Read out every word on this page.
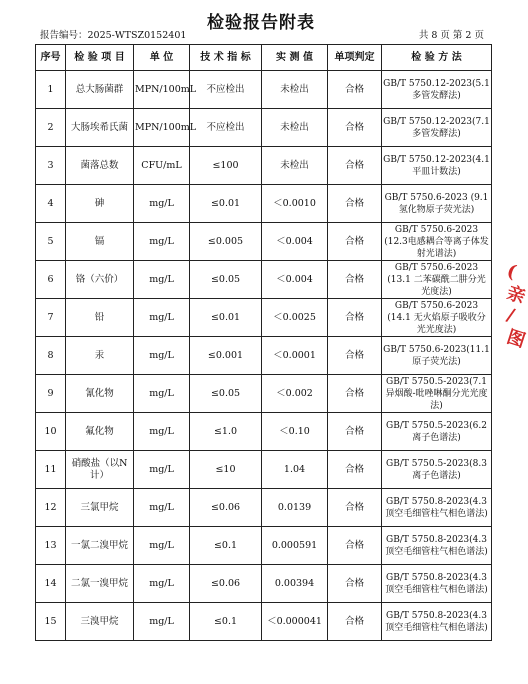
检验报告附表
报告编号：2025-WTSZ0152401	共 8 页 第 2 页
序号	检 验 项 目	单 位	技 术 指 标	实 测 值	单项判定	检 验 方 法
1	总大肠菌群	MPN/100mL	不应检出	未检出	合格	GB/T 5750.12-2023(5.1多管发酵法)
2	大肠埃希氏菌	MPN/100mL	不应检出	未检出	合格	GB/T 5750.12-2023(7.1多管发酵法)
3	菌落总数	CFU/mL	≤100	未检出	合格	GB/T 5750.12-2023(4.1平皿计数法)
4	砷	mg/L	≤0.01	＜0.0010	合格	GB/T 5750.6-2023 (9.1氢化物原子荧光法)
5	镉	mg/L	≤0.005	＜0.004	合格	GB/T 5750.6-2023 (12.3电感耦合等离子体发射光谱法)
6	铬（六价）	mg/L	≤0.05	＜0.004	合格	GB/T 5750.6-2023 (13.1 二苯碳酰二肼分光光度法)
7	铅	mg/L	≤0.01	＜0.0025	合格	GB/T 5750.6-2023 (14.1 无火焰原子吸收分光光度法)
8	汞	mg/L	≤0.001	＜0.0001	合格	GB/T 5750.6-2023(11.1原子荧光法)
9	氰化物	mg/L	≤0.05	＜0.002	合格	GB/T 5750.5-2023(7.1异烟酸-吡唑啉酮分光光度法)
10	氟化物	mg/L	≤1.0	＜0.10	合格	GB/T 5750.5-2023(6.2离子色谱法)
11	硝酸盐（以N计）	mg/L	≤10	1.04	合格	GB/T 5750.5-2023(8.3离子色谱法)
12	三氯甲烷	mg/L	≤0.06	0.0139	合格	GB/T 5750.8-2023(4.3顶空毛细管柱气相色谱法)
13	一氯二溴甲烷	mg/L	≤0.1	0.000591	合格	GB/T 5750.8-2023(4.3顶空毛细管柱气相色谱法)
14	二氯一溴甲烷	mg/L	≤0.06	0.00394	合格	GB/T 5750.8-2023(4.3顶空毛细管柱气相色谱法)
15	三溴甲烷	mg/L	≤0.1	＜0.000041	合格	GB/T 5750.8-2023(4.3顶空毛细管柱气相色谱法)
(
亲
/
图
